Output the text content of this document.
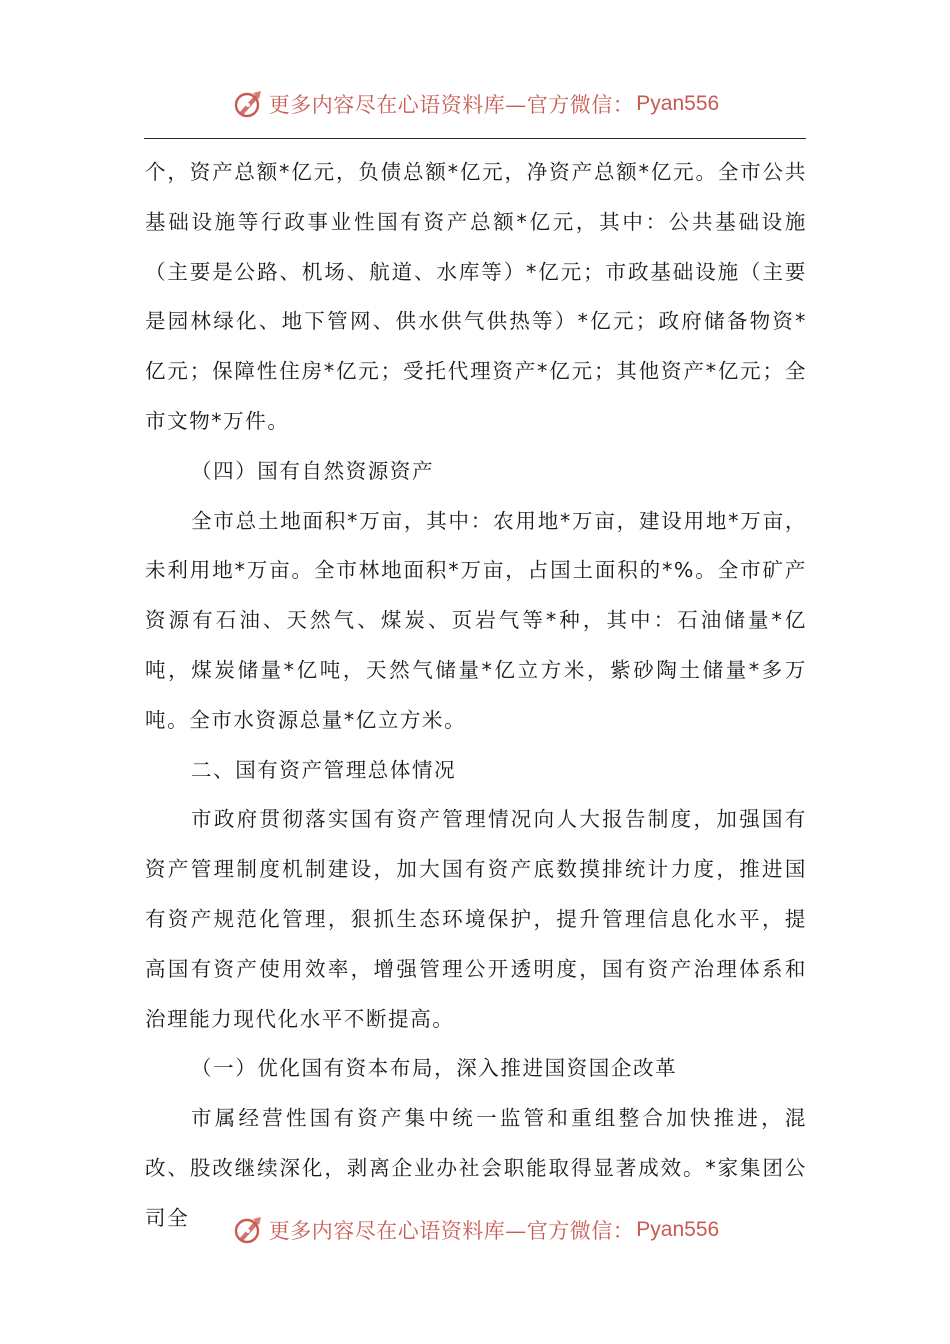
更多内容尽在心语资料库—官方微信： Pyan556

个，资产总额*亿元，负债总额*亿元，净资产总额*亿元。全市公共基础设施等行政事业性国有资产总额*亿元，其中：公共基础设施（主要是公路、机场、航道、水库等）*亿元；市政基础设施（主要是园林绿化、地下管网、供水供气供热等）*亿元；政府储备物资*亿元；保障性住房*亿元；受托代理资产*亿元；其他资产*亿元；全市文物*万件。

（四）国有自然资源资产

全市总土地面积*万亩，其中：农用地*万亩，建设用地*万亩，未利用地*万亩。全市林地面积*万亩，占国土面积的*%。全市矿产资源有石油、天然气、煤炭、页岩气等*种，其中：石油储量*亿吨，煤炭储量*亿吨，天然气储量*亿立方米，紫砂陶土储量*多万吨。全市水资源总量*亿立方米。

二、国有资产管理总体情况

市政府贯彻落实国有资产管理情况向人大报告制度，加强国有资产管理制度机制建设，加大国有资产底数摸排统计力度，推进国有资产规范化管理，狠抓生态环境保护，提升管理信息化水平，提高国有资产使用效率，增强管理公开透明度，国有资产治理体系和治理能力现代化水平不断提高。

（一）优化国有资本布局，深入推进国资国企改革

市属经营性国有资产集中统一监管和重组整合加快推进，混改、股改继续深化，剥离企业办社会职能取得显著成效。*家集团公司全

更多内容尽在心语资料库—官方微信： Pyan556
